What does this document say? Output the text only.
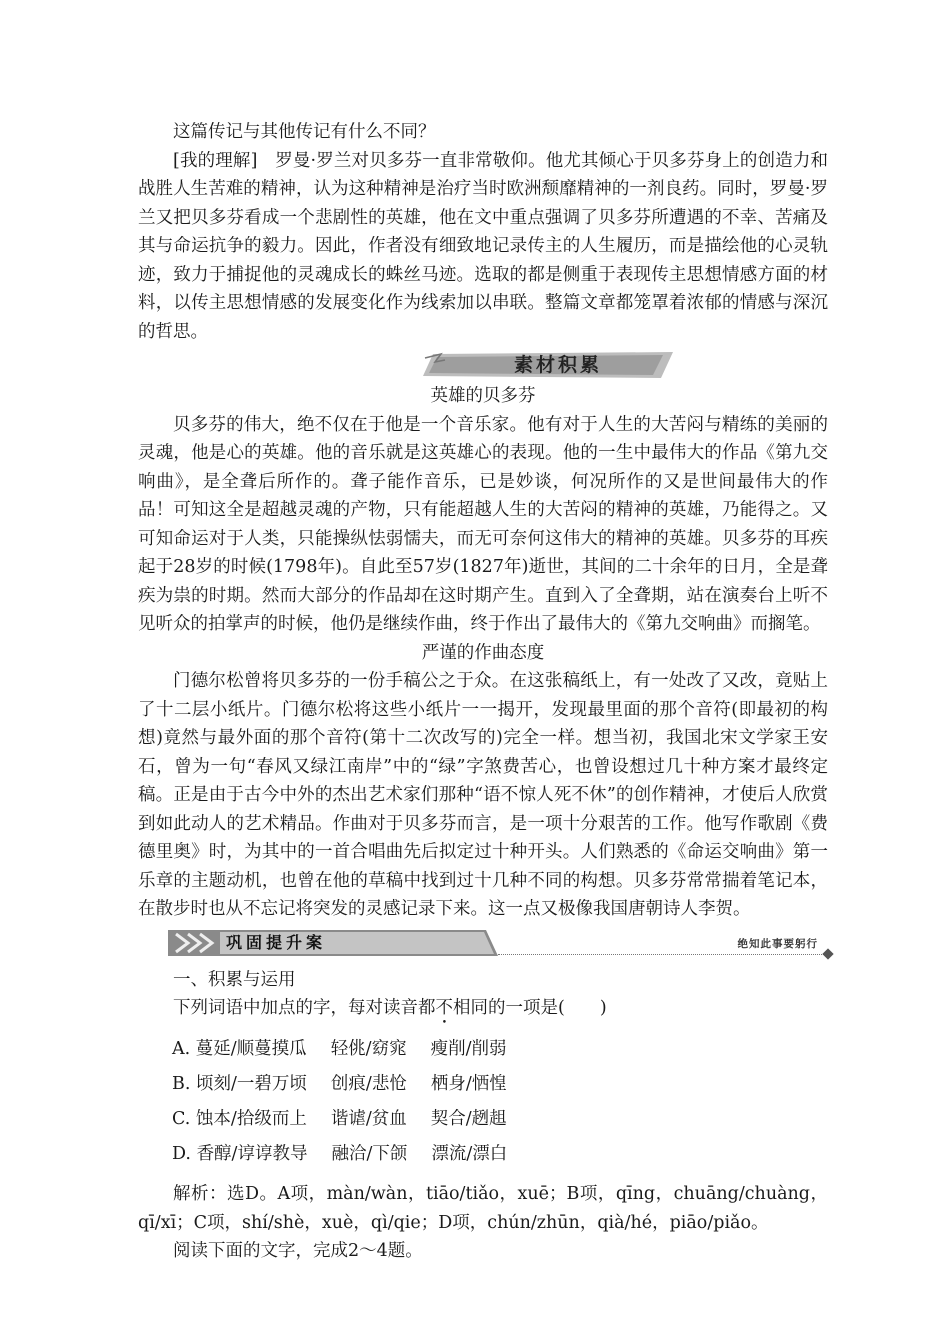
这篇传记与其他传记有什么不同？

[我的理解]　罗曼·罗兰对贝多芬一直非常敬仰。他尤其倾心于贝多芬身上的创造力和战胜人生苦难的精神，认为这种精神是治疗当时欧洲颓靡精神的一剂良药。同时，罗曼·罗兰又把贝多芬看成一个悲剧性的英雄，他在文中重点强调了贝多芬所遭遇的不幸、苦痛及其与命运抗争的毅力。因此，作者没有细致地记录传主的人生履历，而是描绘他的心灵轨迹，致力于捕捉他的灵魂成长的蛛丝马迹。选取的都是侧重于表现传主思想情感方面的材料，以传主思想情感的发展变化作为线索加以串联。整篇文章都笼罩着浓郁的情感与深沉的哲思。

素材积累

英雄的贝多芬

贝多芬的伟大，绝不仅在于他是一个音乐家。他有对于人生的大苦闷与精练的美丽的灵魂，他是心的英雄。他的音乐就是这英雄心的表现。他的一生中最伟大的作品《第九交响曲》，是全聋后所作的。聋子能作音乐，已是妙谈，何况所作的又是世间最伟大的作品！可知这全是超越灵魂的产物，只有能超越人生的大苦闷的精神的英雄，乃能得之。又可知命运对于人类，只能操纵怯弱懦夫，而无可奈何这伟大的精神的英雄。贝多芬的耳疾起于28岁的时候(1798年)。自此至57岁(1827年)逝世，其间的二十余年的日月，全是聋疾为祟的时期。然而大部分的作品却在这时期产生。直到入了全聋期，站在演奏台上听不见听众的拍掌声的时候，他仍是继续作曲，终于作出了最伟大的《第九交响曲》而搁笔。

严谨的作曲态度

门德尔松曾将贝多芬的一份手稿公之于众。在这张稿纸上，有一处改了又改，竟贴上了十二层小纸片。门德尔松将这些小纸片一一揭开，发现最里面的那个音符(即最初的构想)竟然与最外面的那个音符(第十二次改写的)完全一样。想当初，我国北宋文学家王安石，曾为一句“春风又绿江南岸”中的“绿”字煞费苦心，也曾设想过几十种方案才最终定稿。正是由于古今中外的杰出艺术家们那种“语不惊人死不休”的创作精神，才使后人欣赏到如此动人的艺术精品。作曲对于贝多芬而言，是一项十分艰苦的工作。他写作歌剧《费德里奥》时，为其中的一首合唱曲先后拟定过十种开头。人们熟悉的《命运交响曲》第一乐章的主题动机，也曾在他的草稿中找到过十几种不同的构想。贝多芬常常揣着笔记本，在散步时也从不忘记将突发的灵感记录下来。这一点又极像我国唐朝诗人李贺。

巩固提升案	绝知此事要躬行

一、积累与运用

下列词语中加点的字，每对读音都不相同的一项是(　　)

A. 蔓延/顺蔓摸瓜 轻佻/窈窕 瘦削/削弱

B. 顷刻/一碧万顷 创痕/悲怆 栖身/恓惶

C. 蚀本/拾级而上 谐谑/贫血 契合/趔趄

D. 香醇/谆谆教导 融洽/下颌 漂流/漂白

解析：选D。A项，màn/wàn，tiāo/tiǎo，xuē；B项，qīng，chuāng/chuàng，qī/xī；C项，shí/shè，xuè，qì/qie；D项，chún/zhūn，qià/hé，piāo/piǎo。

阅读下面的文字，完成2～4题。
